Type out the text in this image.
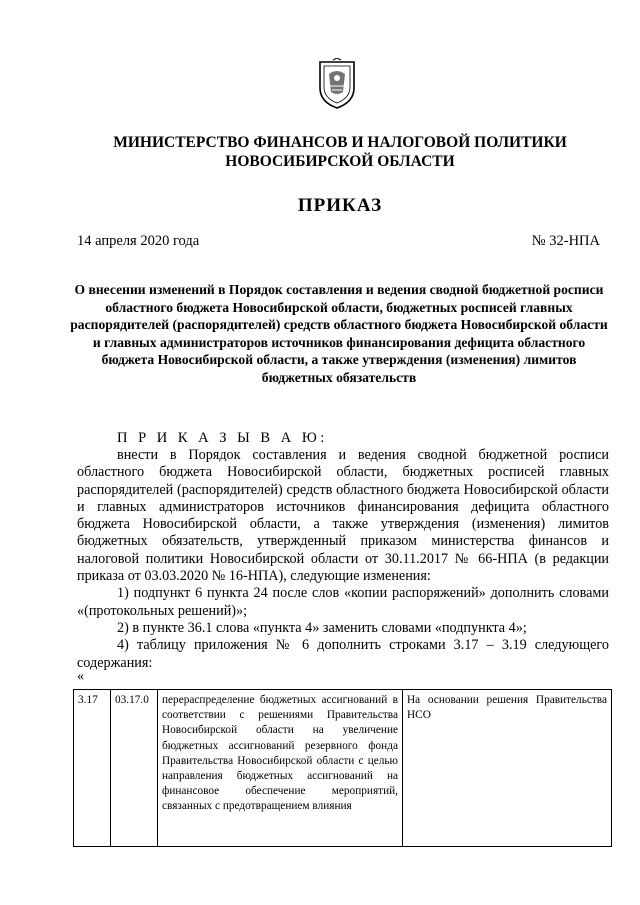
МИНИСТЕРСТВО ФИНАНСОВ И НАЛОГОВОЙ ПОЛИТИКИ
НОВОСИБИРСКОЙ ОБЛАСТИ
ПРИКАЗ
14 апреля 2020 года	№ 32-НПА
О внесении изменений в Порядок составления и ведения сводной бюджетной росписи областного бюджета Новосибирской области, бюджетных росписей главных распорядителей (распорядителей) средств областного бюджета Новосибирской области и главных администраторов источников финансирования дефицита областного бюджета Новосибирской области, а также утверждения (изменения) лимитов бюджетных обязательств
П Р И К А З Ы В А Ю:

внести в Порядок составления и ведения сводной бюджетной росписи областного бюджета Новосибирской области, бюджетных росписей главных распорядителей (распорядителей) средств областного бюджета Новосибирской области и главных администраторов источников финансирования дефицита областного бюджета Новосибирской области, а также утверждения (изменения) лимитов бюджетных обязательств, утвержденный приказом министерства финансов и налоговой политики Новосибирской области от 30.11.2017 № 66-НПА (в редакции приказа от 03.03.2020 № 16-НПА), следующие изменения:

1) подпункт 6 пункта 24 после слов «копии распоряжений» дополнить словами «(протокольных решений)»;

2) в пункте 36.1 слова «пункта 4» заменить словами «подпункта 4»;

4) таблицу приложения № 6 дополнить строками 3.17 – 3.19 следующего содержания:

«
3.17	03.17.0	перераспределение бюджетных ассигнований в соответствии с решениями Правительства Новосибирской области на увеличение бюджетных ассигнований резервного фонда Правительства Новосибирской области с целью направления бюджетных ассигнований на финансовое обеспечение мероприятий, связанных с предотвращением влияния	На основании решения Правительства НСО
